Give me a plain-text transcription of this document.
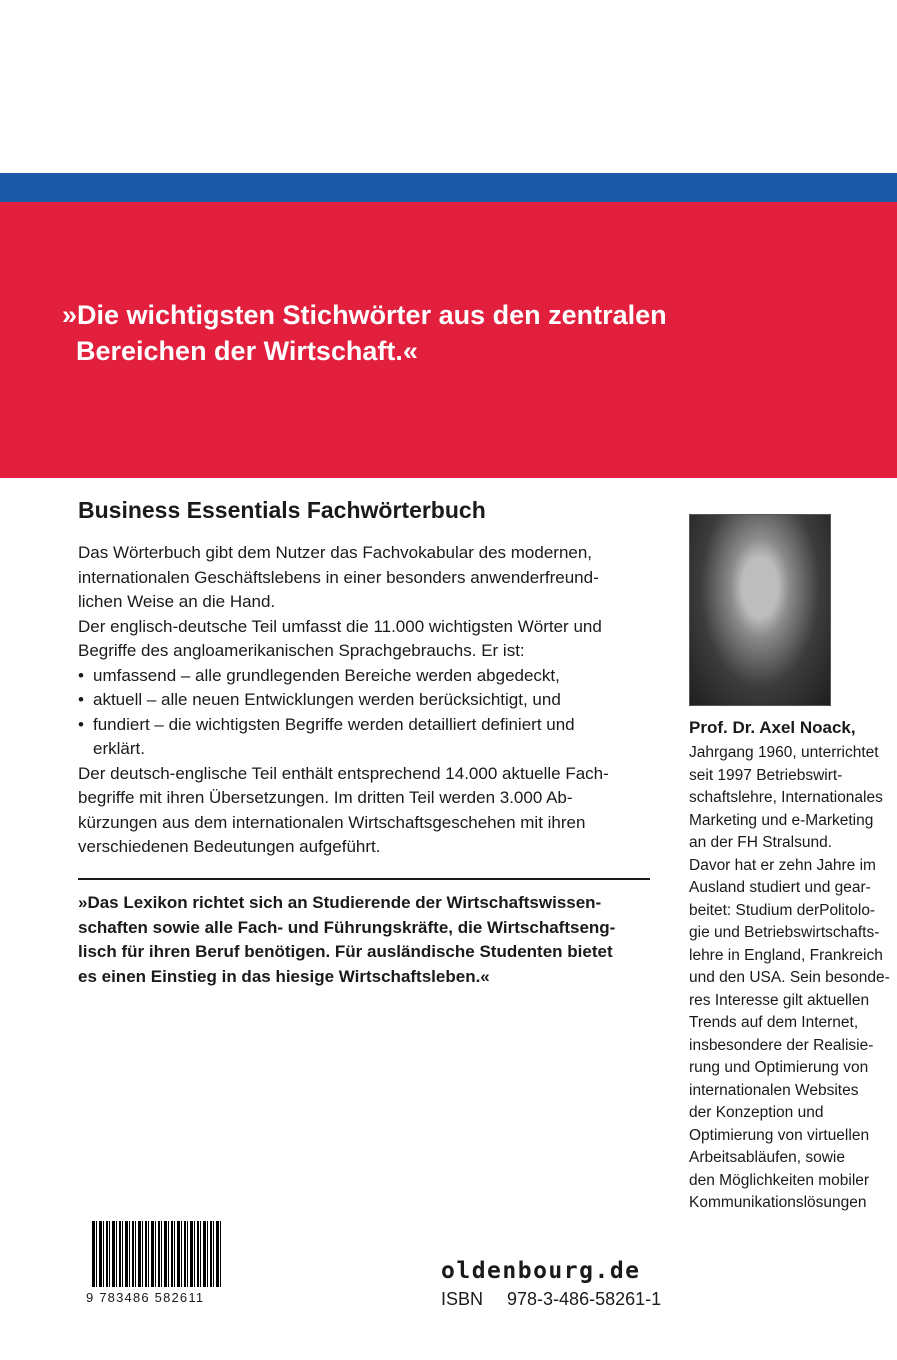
»Die wichtigsten Stichwörter aus den zentralen
Bereichen der Wirtschaft.«
Business Essentials Fachwörterbuch
Das Wörterbuch gibt dem Nutzer das Fachvokabular des modernen,
internationalen Geschäftslebens in einer besonders anwenderfreund-
lichen Weise an die Hand.
Der englisch-deutsche Teil umfasst die 11.000 wichtigsten Wörter und
Begriffe des angloamerikanischen Sprachgebrauchs. Er ist:
• umfassend – alle grundlegenden Bereiche werden abgedeckt,
• aktuell – alle neuen Entwicklungen werden berücksichtigt, und
• fundiert – die wichtigsten Begriffe werden detailliert definiert und
erklärt.
Der deutsch-englische Teil enthält entsprechend 14.000 aktuelle Fach-
begriffe mit ihren Übersetzungen. Im dritten Teil werden 3.000 Ab-
kürzungen aus dem internationalen Wirtschaftsgeschehen mit ihren
verschiedenen Bedeutungen aufgeführt.
»Das Lexikon richtet sich an Studierende der Wirtschaftswissen-
schaften sowie alle Fach- und Führungskräfte, die Wirtschaftseng-
lisch für ihren Beruf benötigen. Für ausländische Studenten bietet
es einen Einstieg in das hiesige Wirtschaftsleben.«
Prof. Dr. Axel Noack,
Jahrgang 1960, unterrichtet
seit 1997 Betriebswirt-
schaftslehre, Internationales
Marketing und e-Marketing
an der FH Stralsund.
Davor hat er zehn Jahre im
Ausland studiert und gear-
beitet: Studium derPolitolo-
gie und Betriebswirtschafts-
lehre in England, Frankreich
und den USA. Sein besonde-
res Interesse gilt aktuellen
Trends auf dem Internet,
insbesondere der Realisie-
rung und Optimierung von
internationalen Websites
der Konzeption und
Optimierung von virtuellen
Arbeitsabläufen, sowie
den Möglichkeiten mobiler
Kommunikationslösungen
9 783486 582611
oldenbourg.de
ISBN 978-3-486-58261-1
